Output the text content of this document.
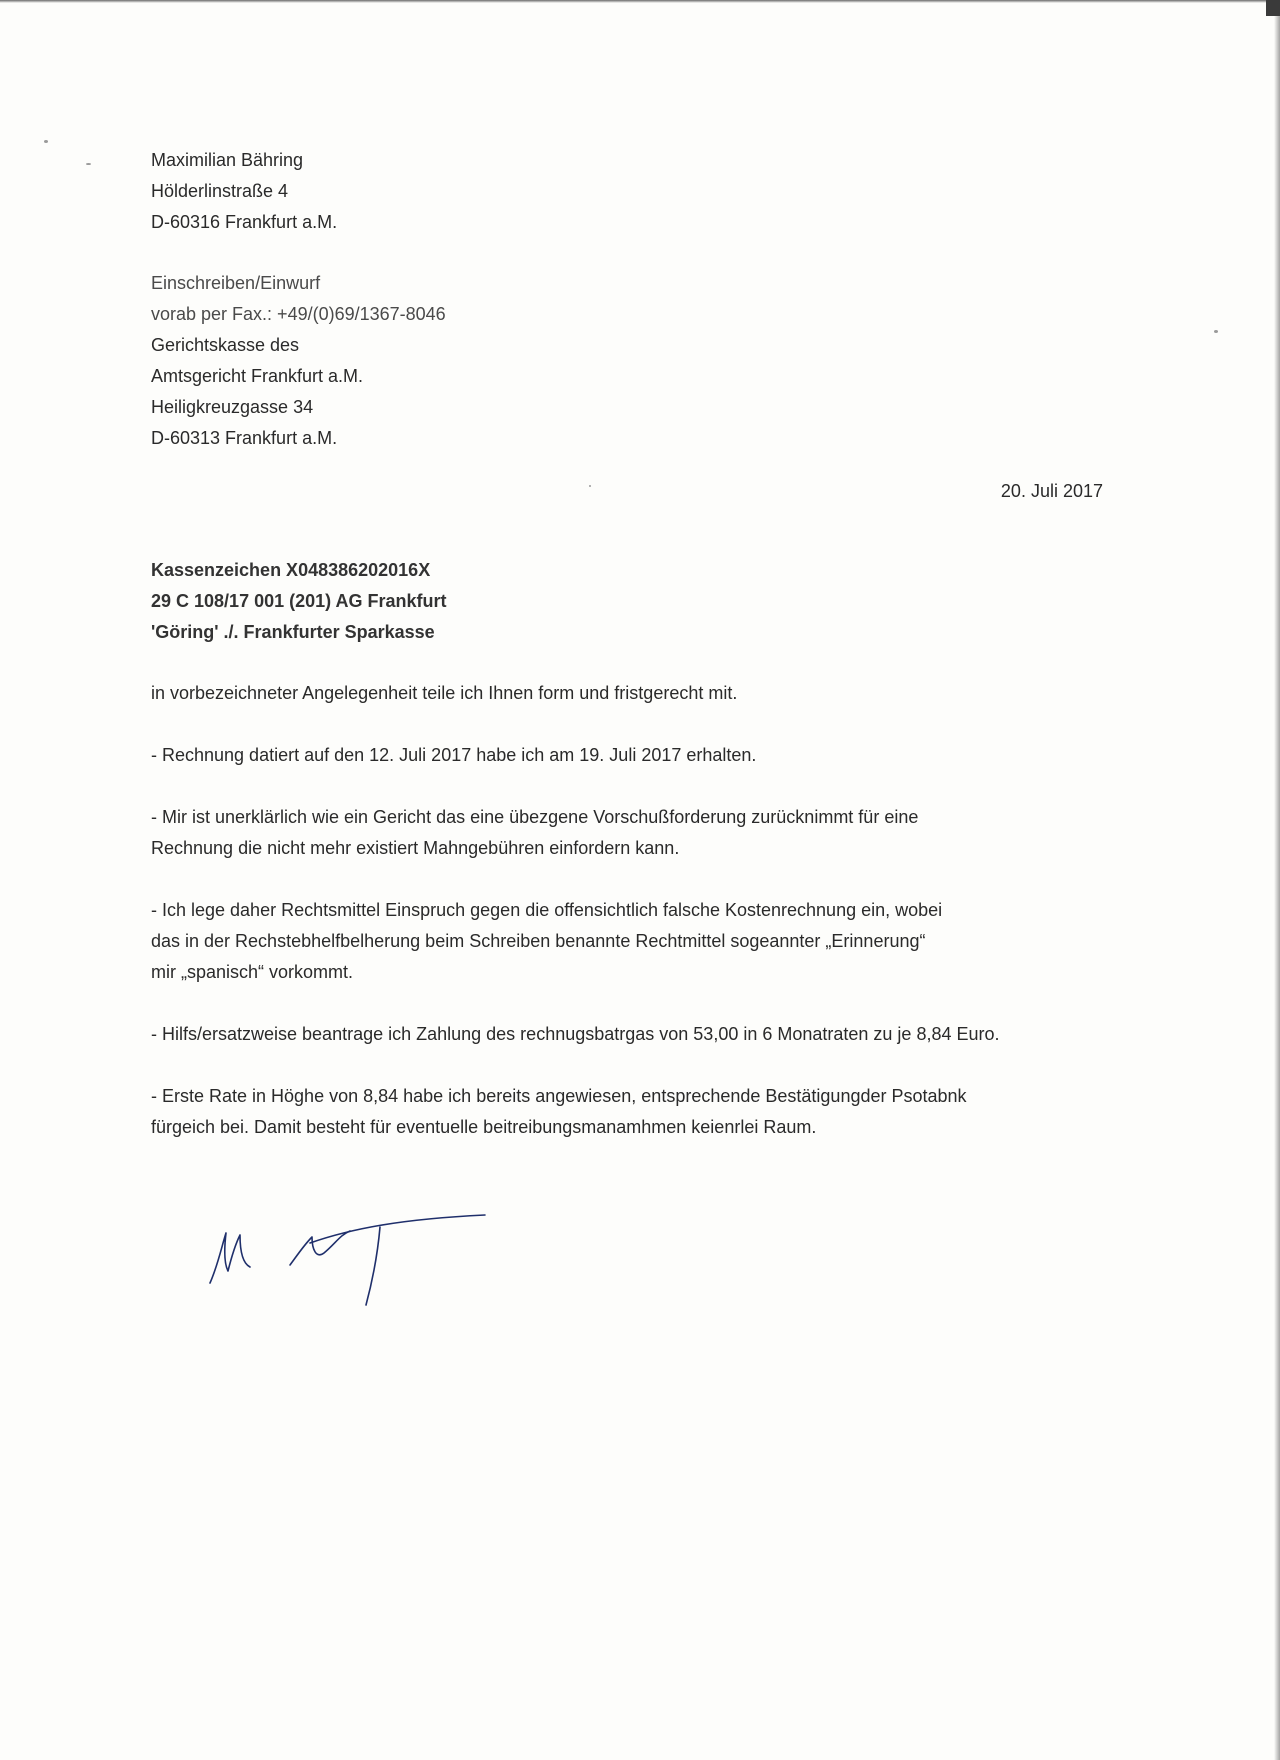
Maximilian Bähring
Hölderlinstraße 4
D-60316 Frankfurt a.M.
Einschreiben/Einwurf
vorab per Fax.: +49/(0)69/1367-8046
Gerichtskasse des
Amtsgericht Frankfurt a.M.
Heiligkreuzgasse 34
D-60313 Frankfurt a.M.
20. Juli 2017
Kassenzeichen X048386202016X
29 C 108/17 001 (201) AG Frankfurt
'Göring' ./. Frankfurter Sparkasse

in vorbezeichneter Angelegenheit teile ich Ihnen form und fristgerecht mit.

- Rechnung datiert auf den 12. Juli 2017 habe ich am 19. Juli 2017 erhalten.

- Mir ist unerklärlich wie ein Gericht das eine übezgene Vorschußforderung zurücknimmt für eine
Rechnung die nicht mehr existiert Mahngebühren einfordern kann.

- Ich lege daher Rechtsmittel Einspruch gegen die offensichtlich falsche Kostenrechnung ein, wobei
das in der Rechstebhelfbelherung beim Schreiben benannte Rechtmittel sogeannter „Erinnerung“
mir „spanisch“ vorkommt.

- Hilfs/ersatzweise beantrage ich Zahlung des rechnugsbatrgas von 53,00 in 6 Monatraten zu je 8,84 Euro.

- Erste Rate in Höghe von 8,84 habe ich bereits angewiesen, entsprechende Bestätigungder Psotabnk
fürgeich bei. Damit besteht für eventuelle beitreibungsmanamhmen keienrlei Raum.
